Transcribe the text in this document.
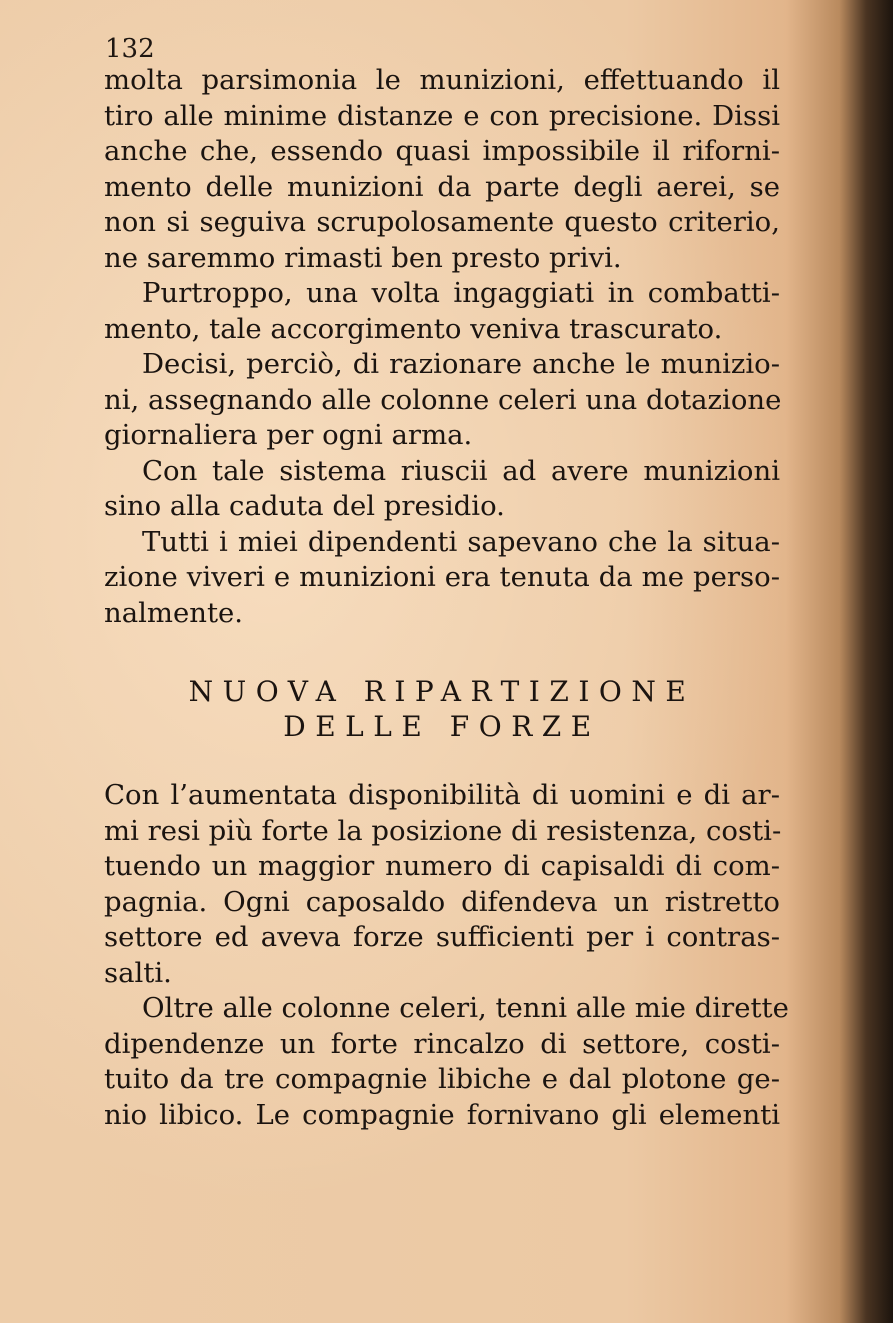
132

molta parsimonia le munizioni, effettuando il
tiro alle minime distanze e con precisione. Dissi
anche che, essendo quasi impossibile il riforni-
mento delle munizioni da parte degli aerei, se
non si seguiva scrupolosamente questo criterio,
ne saremmo rimasti ben presto privi.
Purtroppo, una volta ingaggiati in combatti-
mento, tale accorgimento veniva trascurato.
Decisi, perciò, di razionare anche le munizio-
ni, assegnando alle colonne celeri una dotazione
giornaliera per ogni arma.
Con tale sistema riuscii ad avere munizioni
sino alla caduta del presidio.
Tutti i miei dipendenti sapevano che la situa-
zione viveri e munizioni era tenuta da me perso-
nalmente.
NUOVA RIPARTIZIONE
DELLE FORZE
Con l’aumentata disponibilità di uomini e di ar-
mi resi più forte la posizione di resistenza, costi-
tuendo un maggior numero di capisaldi di com-
pagnia. Ogni caposaldo difendeva un ristretto
settore ed aveva forze sufficienti per i contras-
salti.
Oltre alle colonne celeri, tenni alle mie dirette
dipendenze un forte rincalzo di settore, costi-
tuito da tre compagnie libiche e dal plotone ge-
nio libico. Le compagnie fornivano gli elementi
